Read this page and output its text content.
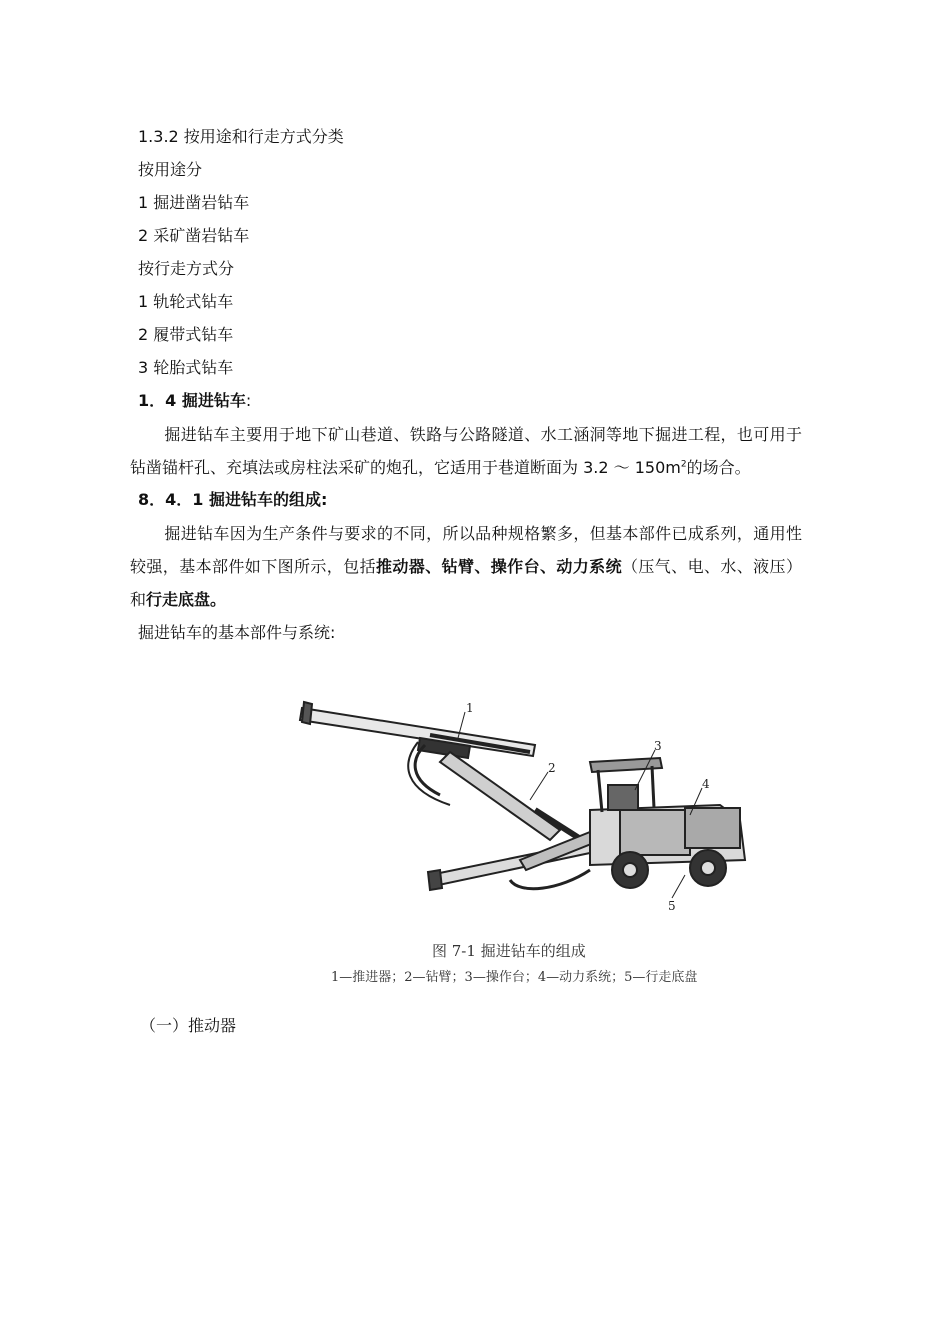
1.3.2 按用途和行走方式分类
按用途分
1 掘进凿岩钻车
2 采矿凿岩钻车
按行走方式分
1 轨轮式钻车
2 履带式钻车
3 轮胎式钻车
1．4 掘进钻车:
掘进钻车主要用于地下矿山巷道、铁路与公路隧道、水工涵洞等地下掘进工程，也可用于钻凿锚杆孔、充填法或房柱法采矿的炮孔，它适用于巷道断面为 3.2 ～ $150m^2$的场合。
8．4．1 掘进钻车的组成:
掘进钻车因为生产条件与要求的不同，所以品种规格繁多，但基本部件已成系列，通用性较强，基本部件如下图所示，包括推动器、钻臂、操作台、动力系统（压气、电、水、液压）和行走底盘。
掘进钻车的基本部件与系统:
1
2
3
4
5
图 7-1 掘进钻车的组成
1—推进器；2—钻臂；3—操作台；4—动力系统；5—行走底盘
（一）推动器
